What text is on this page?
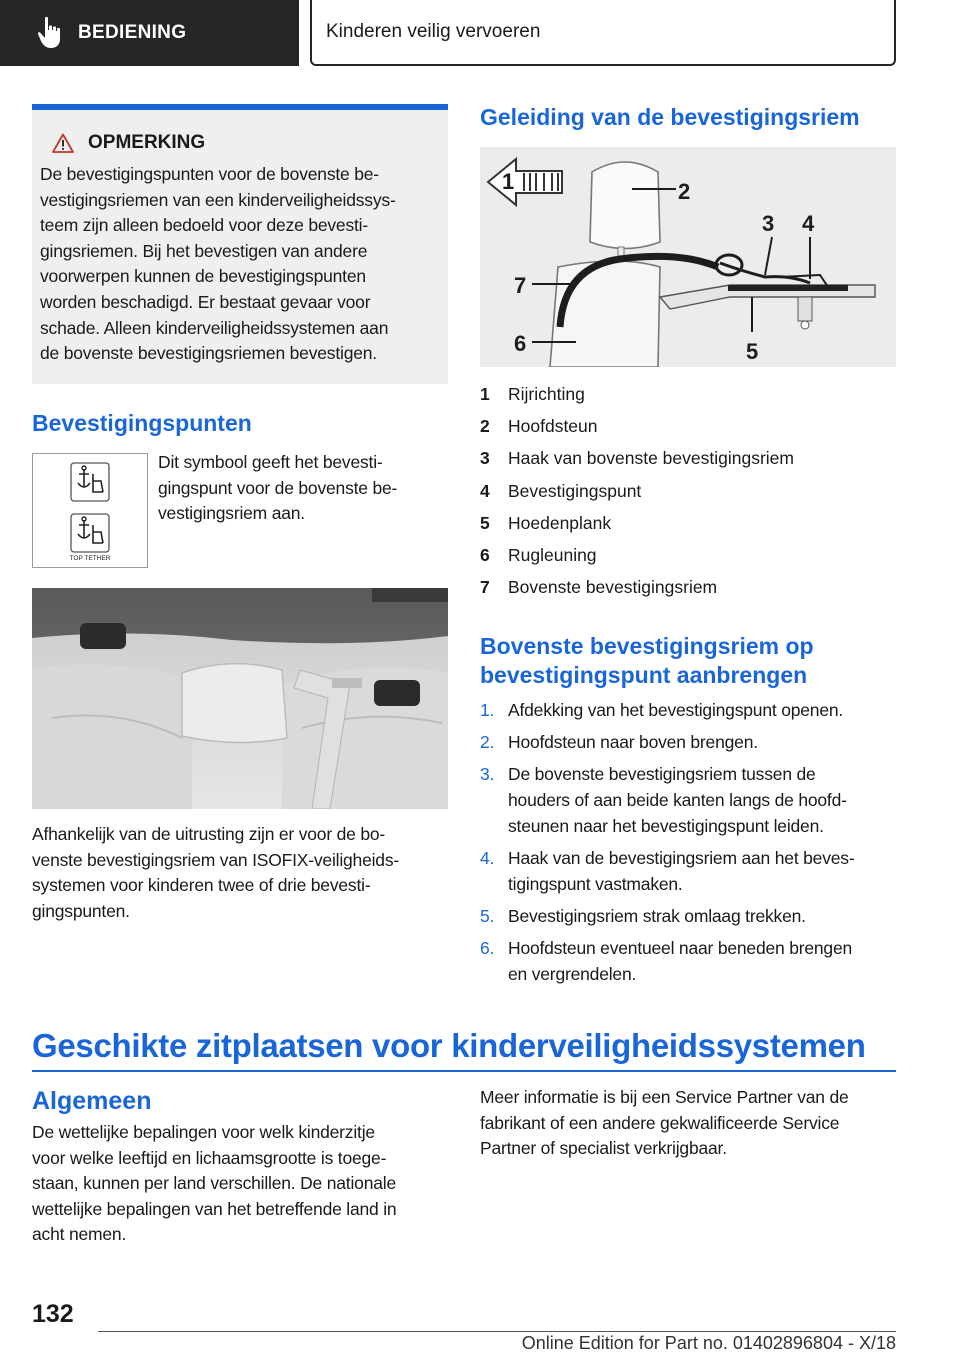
BEDIENING	Kinderen veilig vervoeren
OPMERKING
De bevestigingspunten voor de bovenste be-
vestigingsriemen van een kinderveiligheidssys-
teem zijn alleen bedoeld voor deze bevesti-
gingsriemen. Bij het bevestigen van andere
voorwerpen kunnen de bevestigingspunten
worden beschadigd. Er bestaat gevaar voor
schade. Alleen kinderveiligheidssystemen aan
de bovenste bevestigingsriemen bevestigen.
Bevestigingspunten
TOP TETHER
Dit symbool geeft het bevesti-
gingspunt voor de bovenste be-
vestigingsriem aan.
Afhankelijk van de uitrusting zijn er voor de bo-
venste bevestigingsriem van ISOFIX-veiligheids-
systemen voor kinderen twee of drie bevesti-
gingspunten.
Geleiding van de bevestigingsriem
1	2
3 4
5
6
7
1	Rijrichting
2	Hoofdsteun
3	Haak van bovenste bevestigingsriem
4	Bevestigingspunt
5	Hoedenplank
6	Rugleuning
7	Bovenste bevestigingsriem
Bovenste bevestigingsriem op
bevestigingspunt aanbrengen
1. Afdekking van het bevestigingspunt openen.
2. Hoofdsteun naar boven brengen.
3. De bovenste bevestigingsriem tussen de
houders of aan beide kanten langs de hoofd-
steunen naar het bevestigingspunt leiden.
4. Haak van de bevestigingsriem aan het beves-
tigingspunt vastmaken.
5. Bevestigingsriem strak omlaag trekken.
6. Hoofdsteun eventueel naar beneden brengen
en vergrendelen.
Geschikte zitplaatsen voor kinderveiligheidssystemen
Algemeen
De wettelijke bepalingen voor welk kinderzitje
voor welke leeftijd en lichaamsgrootte is toege-
staan, kunnen per land verschillen. De nationale
wettelijke bepalingen van het betreffende land in
acht nemen.
Meer informatie is bij een Service Partner van de
fabrikant of een andere gekwalificeerde Service
Partner of specialist verkrijgbaar.
132
Online Edition for Part no. 01402896804 - X/18
